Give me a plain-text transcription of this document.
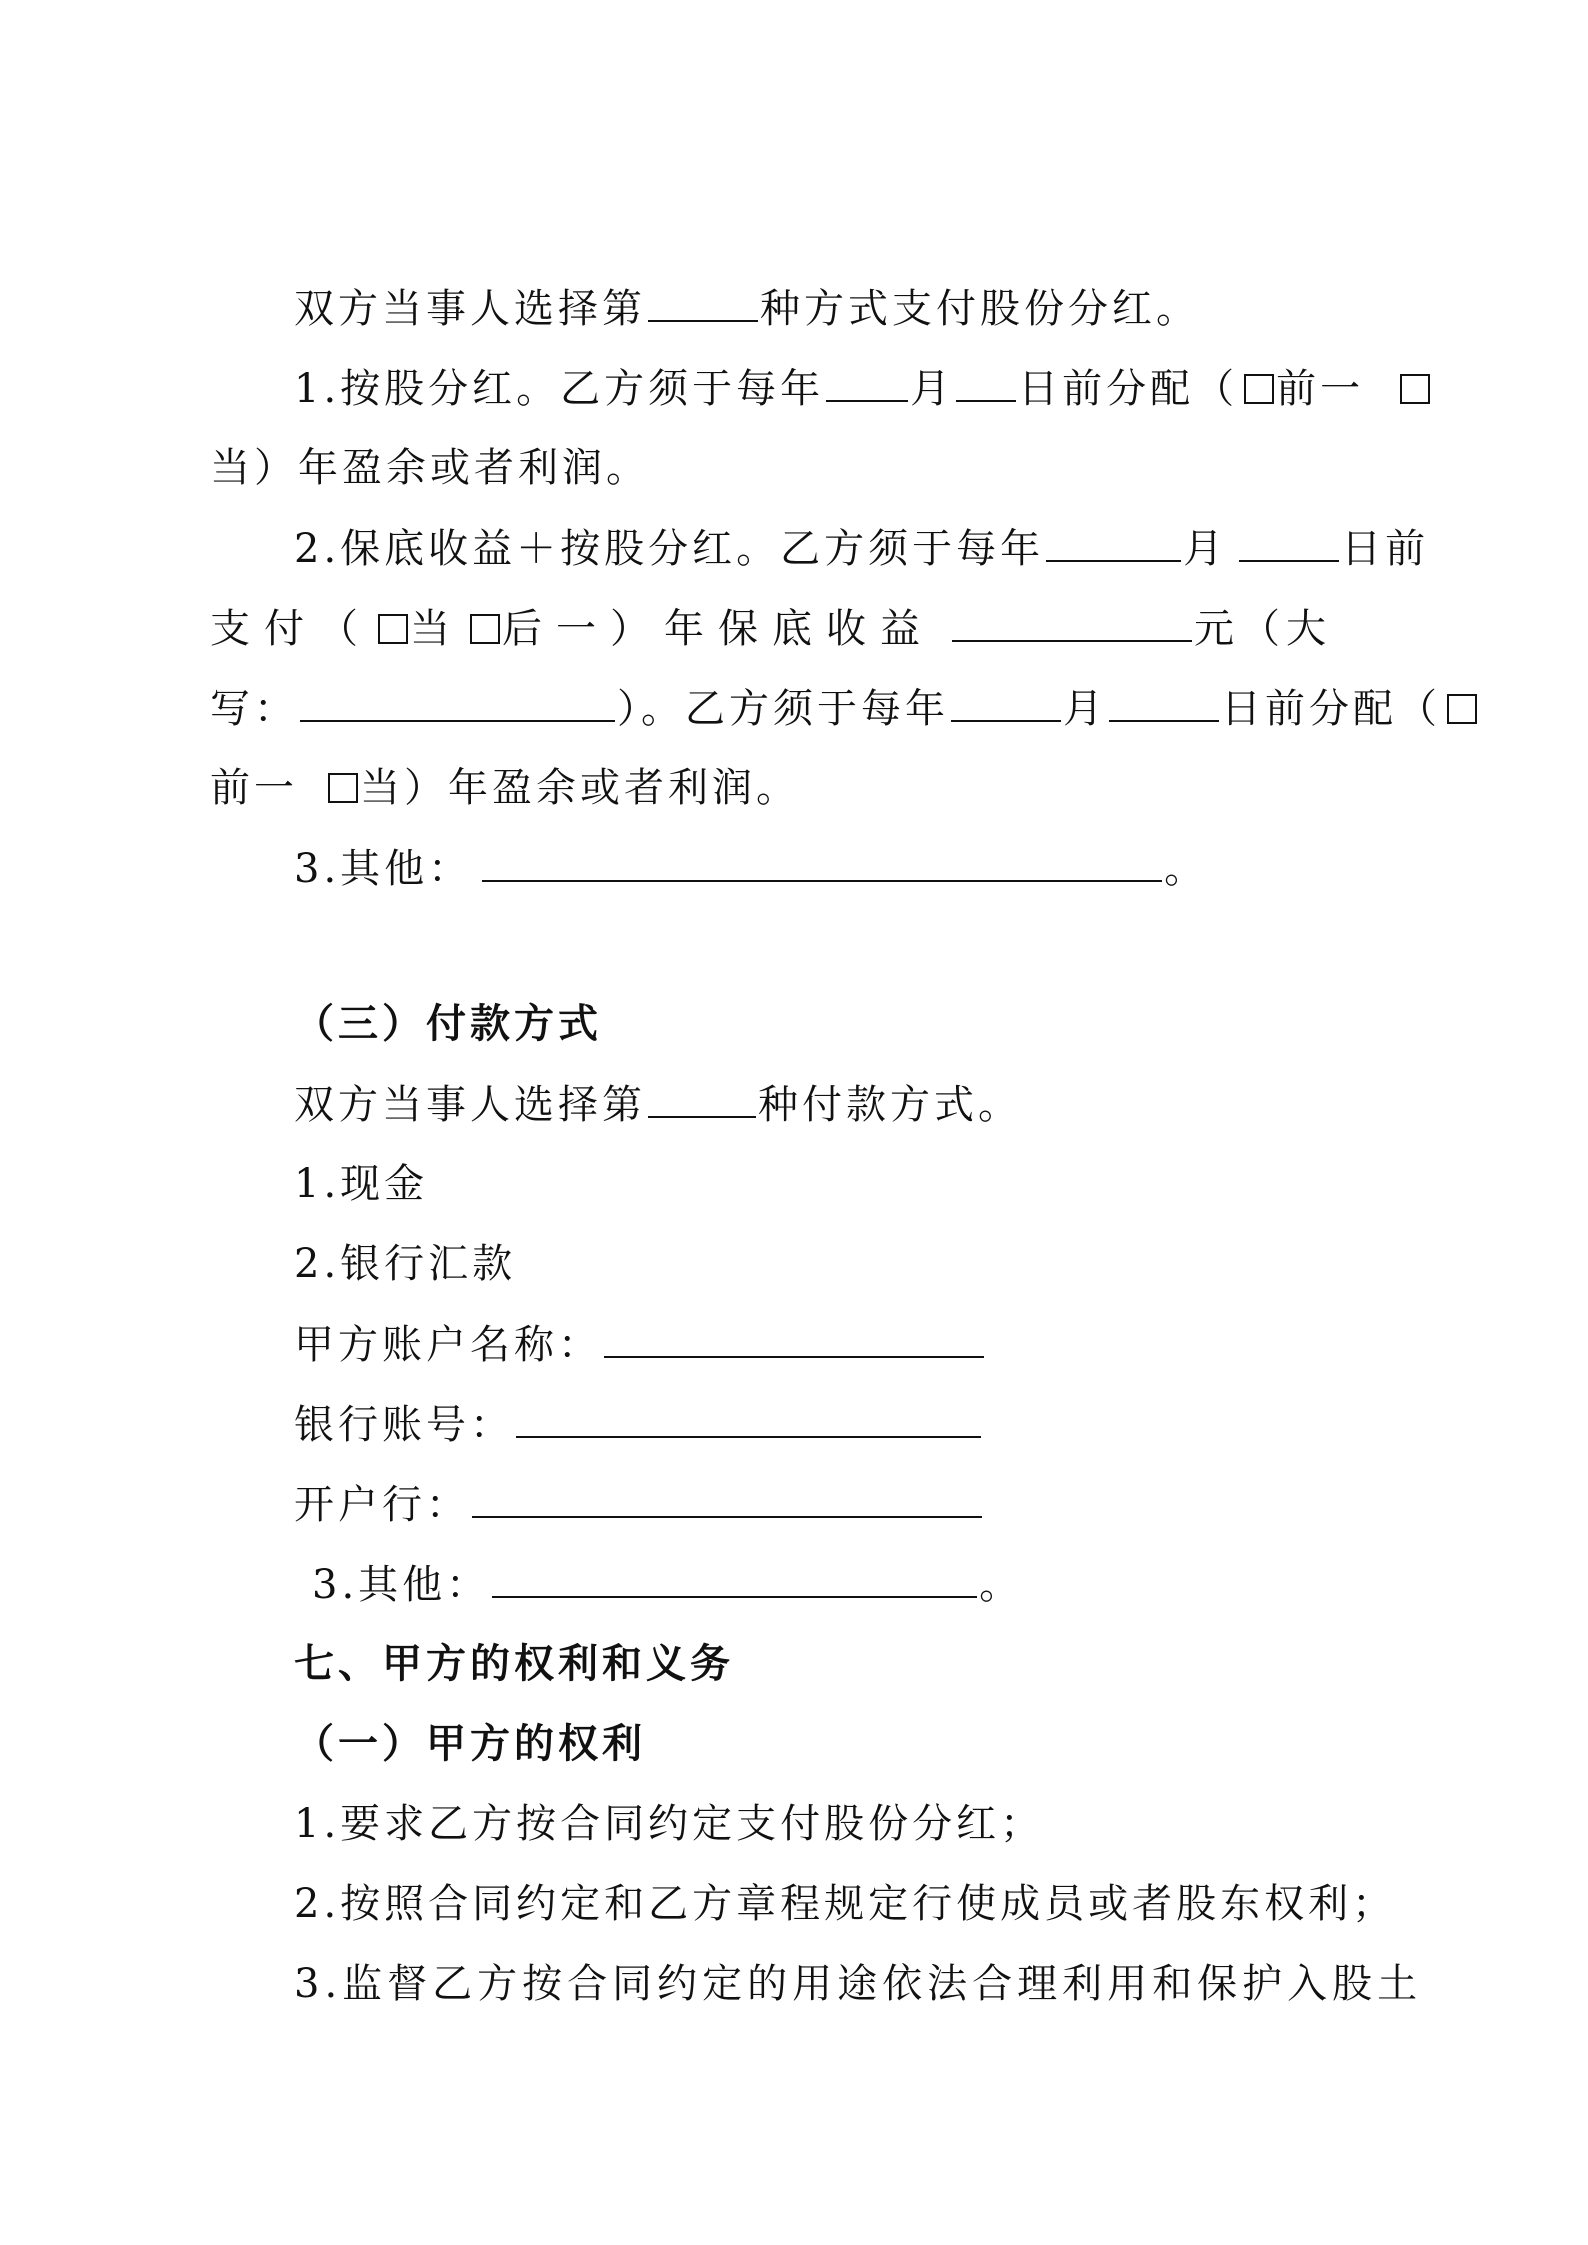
双方当事人选择第	种方式支付股份分红。
1.按股分红。乙方须于每年 月 日前分配（ 前一
当）年盈余或者利润。
2.保底收益＋按股分红。乙方须于每年	月	日前
支付（ 当 后一）年保底收益	元（大
写：	）。乙方须于每年	月	日前分配（
前一 当）年盈余或者利润。
3.其他：	。
（三）付款方式
双方当事人选择第	种付款方式。
1.现金
2.银行汇款
甲方账户名称：
银行账号：
开户行：
3.其他：	。
七、甲方的权利和义务
（一）甲方的权利
1.要求乙方按合同约定支付股份分红；
2.按照合同约定和乙方章程规定行使成员或者股东权利；
3.监督乙方按合同约定的用途依法合理利用和保护入股土
